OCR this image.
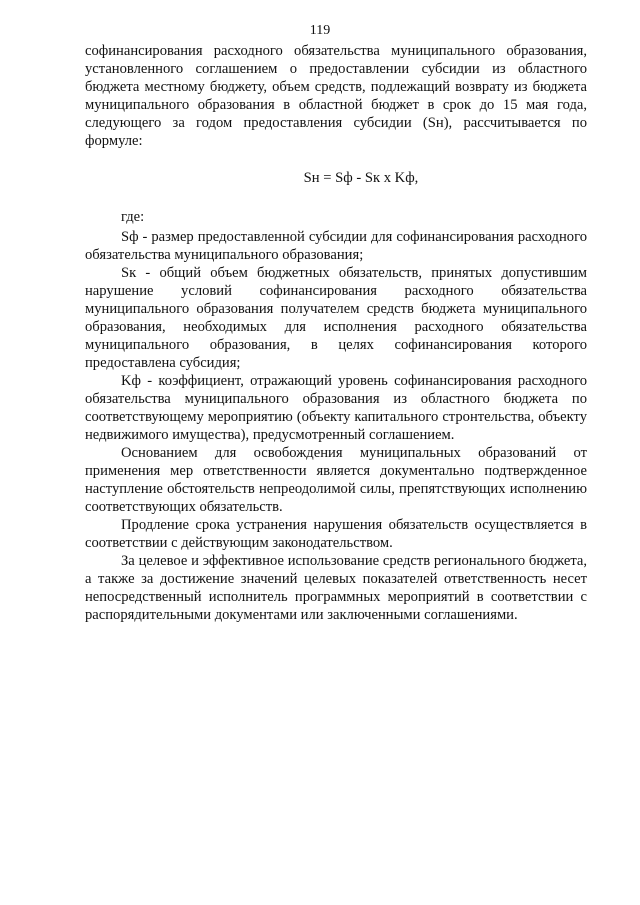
119

софинансирования расходного обязательства муниципального образования, установленного соглашением о предоставлении субсидии из областного бюджета местному бюджету, объем средств, подлежащий возврату из бюджета муниципального образования в областной бюджет в срок до 15 мая года, следующего за годом предоставления субсидии (Sн), рассчитывается по формуле:

Sн = Sф - Sк х Kф,

где:

Sф - размер предоставленной субсидии для софинансирования расходного обязательства муниципального образования;

Sк - общий объем бюджетных обязательств, принятых допустившим нарушение условий софинансирования расходного обязательства муниципального образования получателем средств бюджета муниципального образования, необходимых для исполнения расходного обязательства муниципального образования, в целях софинансирования которого предоставлена субсидия;

Kф - коэффициент, отражающий уровень софинансирования расходного обязательства муниципального образования из областного бюджета по соответствующему мероприятию (объекту капитального стронтельства, объекту недвижимого имущества), предусмотренный соглашением.

Основанием для освобождения муниципальных образований от применения мер ответственности является документально подтвержденное наступление обстоятельств непреодолимой силы, препятствующих исполнению соответствующих обязательств.

Продление срока устранения нарушения обязательств осуществляется в соответствии с действующим законодательством.

За целевое и эффективное использование средств регионального бюджета, а также за достижение значений целевых показателей ответственность несет непосредственный исполнитель программных мероприятий в соответствии с распорядительными документами или заключенными соглашениями.
